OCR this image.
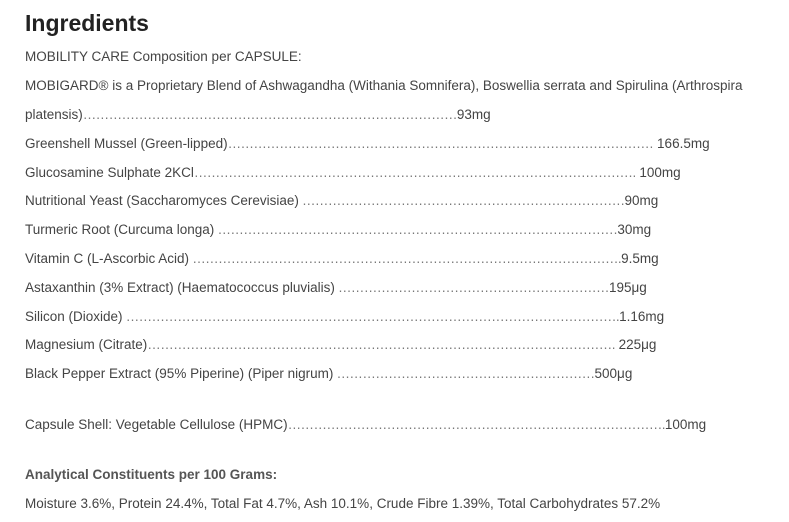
Ingredients
MOBILITY CARE Composition per CAPSULE:
MOBIGARD® is a Proprietary Blend of Ashwagandha (Withania Somnifera), Boswellia serrata and Spirulina (Arthrospira
platensis)……………………………………………………………………………93mg
Greenshell Mussel (Green-lipped)……………………………………………………………………………………… 166.5mg
Glucosamine Sulphate 2KCl…………………………………………………………………………………………. 100mg
Nutritional Yeast (Saccharomyces Cerevisiae) …………………………………………………………………90mg
Turmeric Root (Curcuma longa) …………………………………………………………………………………30mg
Vitamin C (L-Ascorbic Acid) ……………………………………………………………………………………….9.5mg
Astaxanthin (3% Extract) (Haematococcus pluvialis) ………………………………………………………195μg
Silicon (Dioxide) …………………………………………………………………………………………………….1.16mg
Magnesium (Citrate)………………………………………………………………………………………………. 225μg
Black Pepper Extract (95% Piperine) (Piper nigrum) ……………………………………………………500μg
Capsule Shell: Vegetable Cellulose (HPMC)…………………………………………………………………………….100mg
Analytical Constituents per 100 Grams:
Moisture 3.6%, Protein 24.4%, Total Fat 4.7%, Ash 10.1%, Crude Fibre 1.39%, Total Carbohydrates 57.2%
